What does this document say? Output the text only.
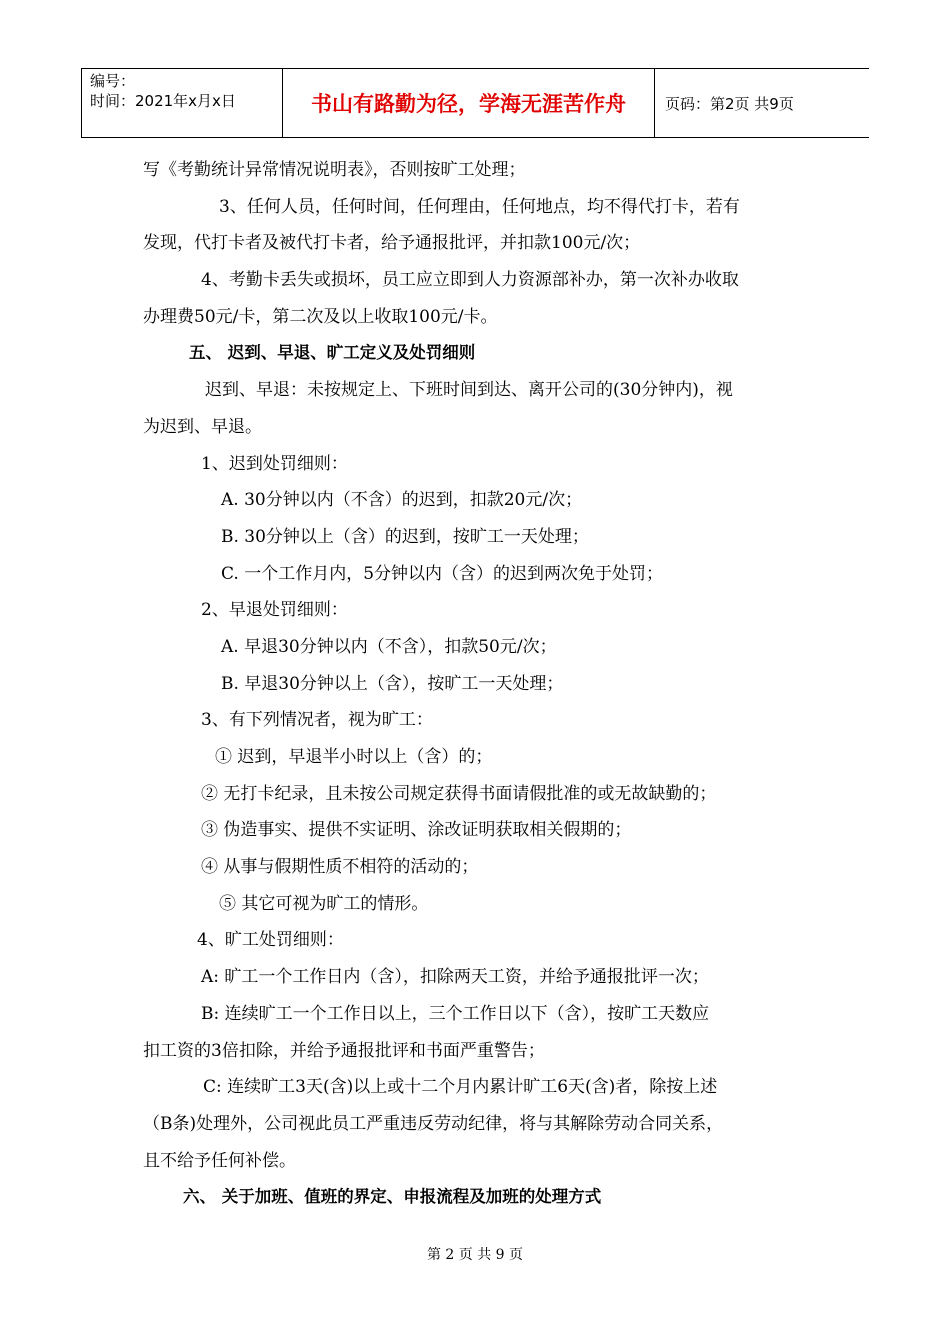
编号：
时间：2021年x月x日	书山有路勤为径，学海无涯苦作舟	页码：第2页 共9页
写《考勤统计异常情况说明表》，否则按旷工处理；
3、任何人员，任何时间，任何理由，任何地点，均不得代打卡，若有
发现，代打卡者及被代打卡者，给予通报批评，并扣款100元/次；
4、考勤卡丢失或损坏，员工应立即到人力资源部补办，第一次补办收取
办理费50元/卡，第二次及以上收取100元/卡。
五、 迟到、早退、旷工定义及处罚细则
迟到、早退：未按规定上、下班时间到达、离开公司的(30分钟内)，视
为迟到、早退。
1、迟到处罚细则：
A. 30分钟以内（不含）的迟到，扣款20元/次；
B. 30分钟以上（含）的迟到，按旷工一天处理；
C. 一个工作月内，5分钟以内（含）的迟到两次免于处罚；
2、早退处罚细则：
A. 早退30分钟以内（不含），扣款50元/次；
B. 早退30分钟以上（含），按旷工一天处理；
3、有下列情况者，视为旷工：
① 迟到，早退半小时以上（含）的；
② 无打卡纪录，且未按公司规定获得书面请假批准的或无故缺勤的；
③ 伪造事实、提供不实证明、涂改证明获取相关假期的；
④ 从事与假期性质不相符的活动的；
⑤ 其它可视为旷工的情形。
4、旷工处罚细则：
A: 旷工一个工作日内（含），扣除两天工资，并给予通报批评一次；
B: 连续旷工一个工作日以上，三个工作日以下（含），按旷工天数应
扣工资的3倍扣除，并给予通报批评和书面严重警告；
C: 连续旷工3天(含)以上或十二个月内累计旷工6天(含)者，除按上述
（B条)处理外，公司视此员工严重违反劳动纪律，将与其解除劳动合同关系，
且不给予任何补偿。
六、 关于加班、值班的界定、申报流程及加班的处理方式
第 2 页 共 9 页
